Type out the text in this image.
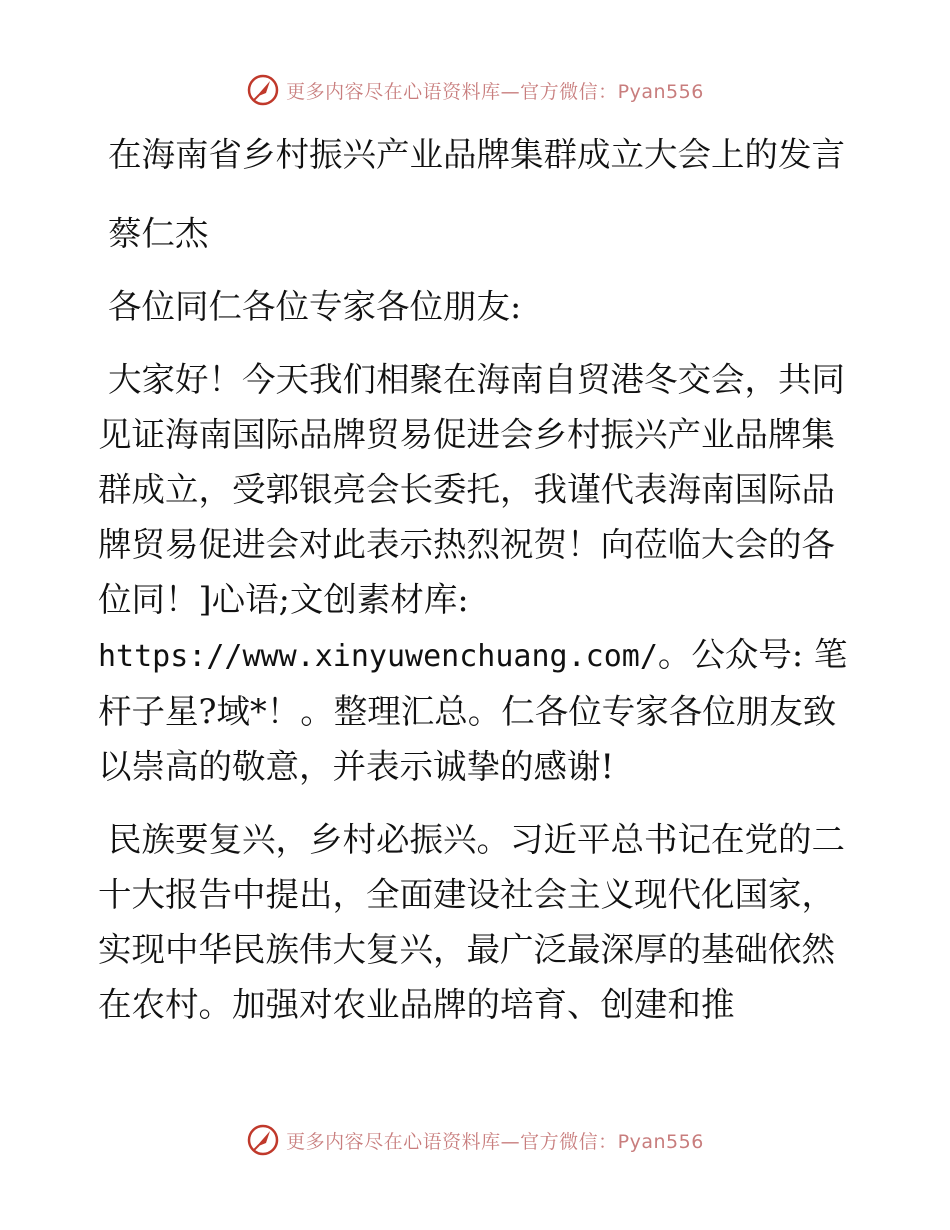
更多内容尽在心语资料库—官方微信：Pyan556

在海南省乡村振兴产业品牌集群成立大会上的发言

蔡仁杰

各位同仁各位专家各位朋友:

大家好！今天我们相聚在海南自贸港冬交会，共同见证海南国际品牌贸易促进会乡村振兴产业品牌集群成立，受郭银亮会长委托，我谨代表海南国际品牌贸易促进会对此表示热烈祝贺！向莅临大会的各位同！]心语;文创素材库: https://www.xinyuwenchuang.com/。公众号: 笔杆子星?域*！。整理汇总。仁各位专家各位朋友致以崇高的敬意，并表示诚挚的感谢!

民族要复兴，乡村必振兴。习近平总书记在党的二十大报告中提出，全面建设社会主义现代化国家，实现中华民族伟大复兴，最广泛最深厚的基础依然在农村。加强对农业品牌的培育、创建和推

更多内容尽在心语资料库—官方微信：Pyan556
